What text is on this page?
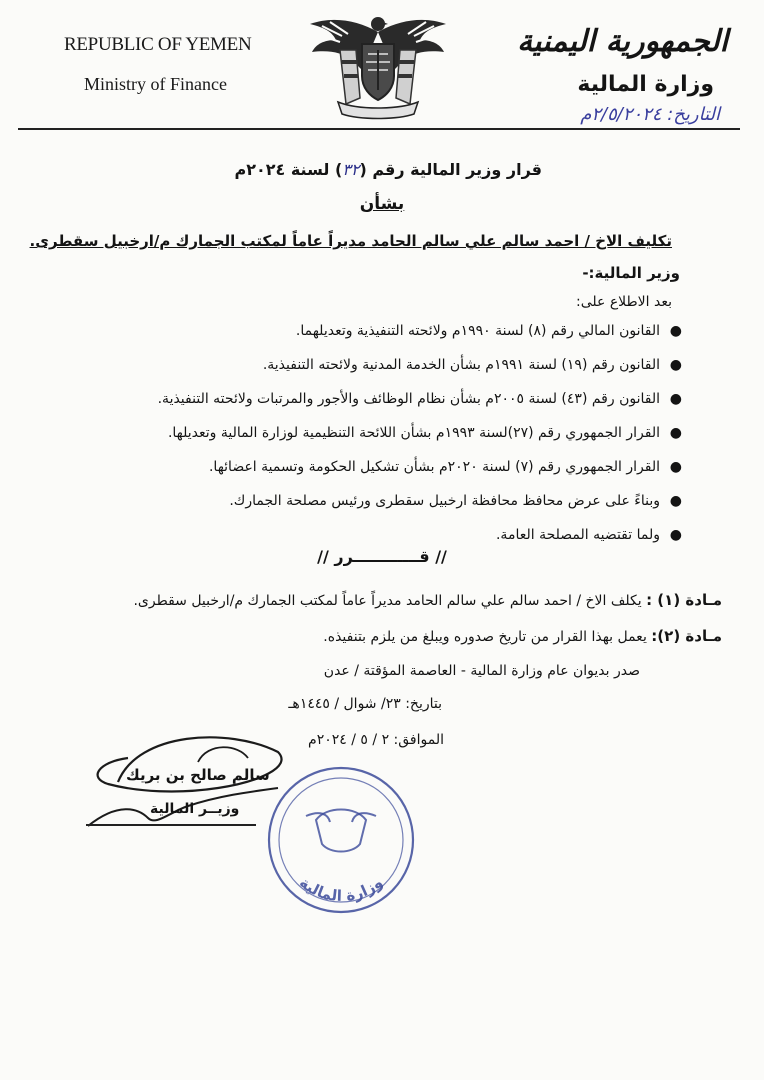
REPUBLIC OF YEMEN
Ministry of Finance
الجمهورية اليمنية
وزارة المالية
التاريخ: ٢/٥/٢٠٢٤م
قرار وزير المالية رقم (٣٢) لسنة ٢٠٢٤م
بشأن
تكليف الاخ / احمد سالم علي سالم الحامد مديراً عاماً لمكتب الجمارك م/ارخبيل سقطرى.
وزير المالية:-
بعد الاطلاع على:
●
القانون المالي رقم (٨) لسنة ١٩٩٠م ولائحته التنفيذية وتعديلهما.
●
القانون رقم (١٩) لسنة ١٩٩١م بشأن الخدمة المدنية ولائحته التنفيذية.
●
القانون رقم (٤٣) لسنة ٢٠٠٥م بشأن نظام الوظائف والأجور والمرتبات ولائحته التنفيذية.
●
القرار الجمهوري رقم (٢٧)لسنة ١٩٩٣م بشأن اللائحة التنظيمية لوزارة المالية وتعديلها.
●
القرار الجمهوري رقم (٧) لسنة ٢٠٢٠م بشأن تشكيل الحكومة وتسمية اعضائها.
●
وبناءً على عرض محافظ محافظة ارخبيل سقطرى ورئيس مصلحة الجمارك.
●
ولما تقتضيه المصلحة العامة.
// قــــــــــــرر //
مـادة (١) : يكلف الاخ / احمد سالم علي سالم الحامد مديراً عاماً لمكتب الجمارك م/ارخبيل سقطرى.
مـادة (٢): يعمل بهذا القرار من تاريخ صدوره ويبلغ من يلزم بتنفيذه.
صدر بديوان عام وزارة المالية - العاصمة المؤقتة / عدن
بتاريخ: ٢٣/ شوال / ١٤٤٥هـ
الموافق: ٢ / ٥ / ٢٠٢٤م
سالم صالح بن بريك
وزيــر المالية
وزارة المالية
